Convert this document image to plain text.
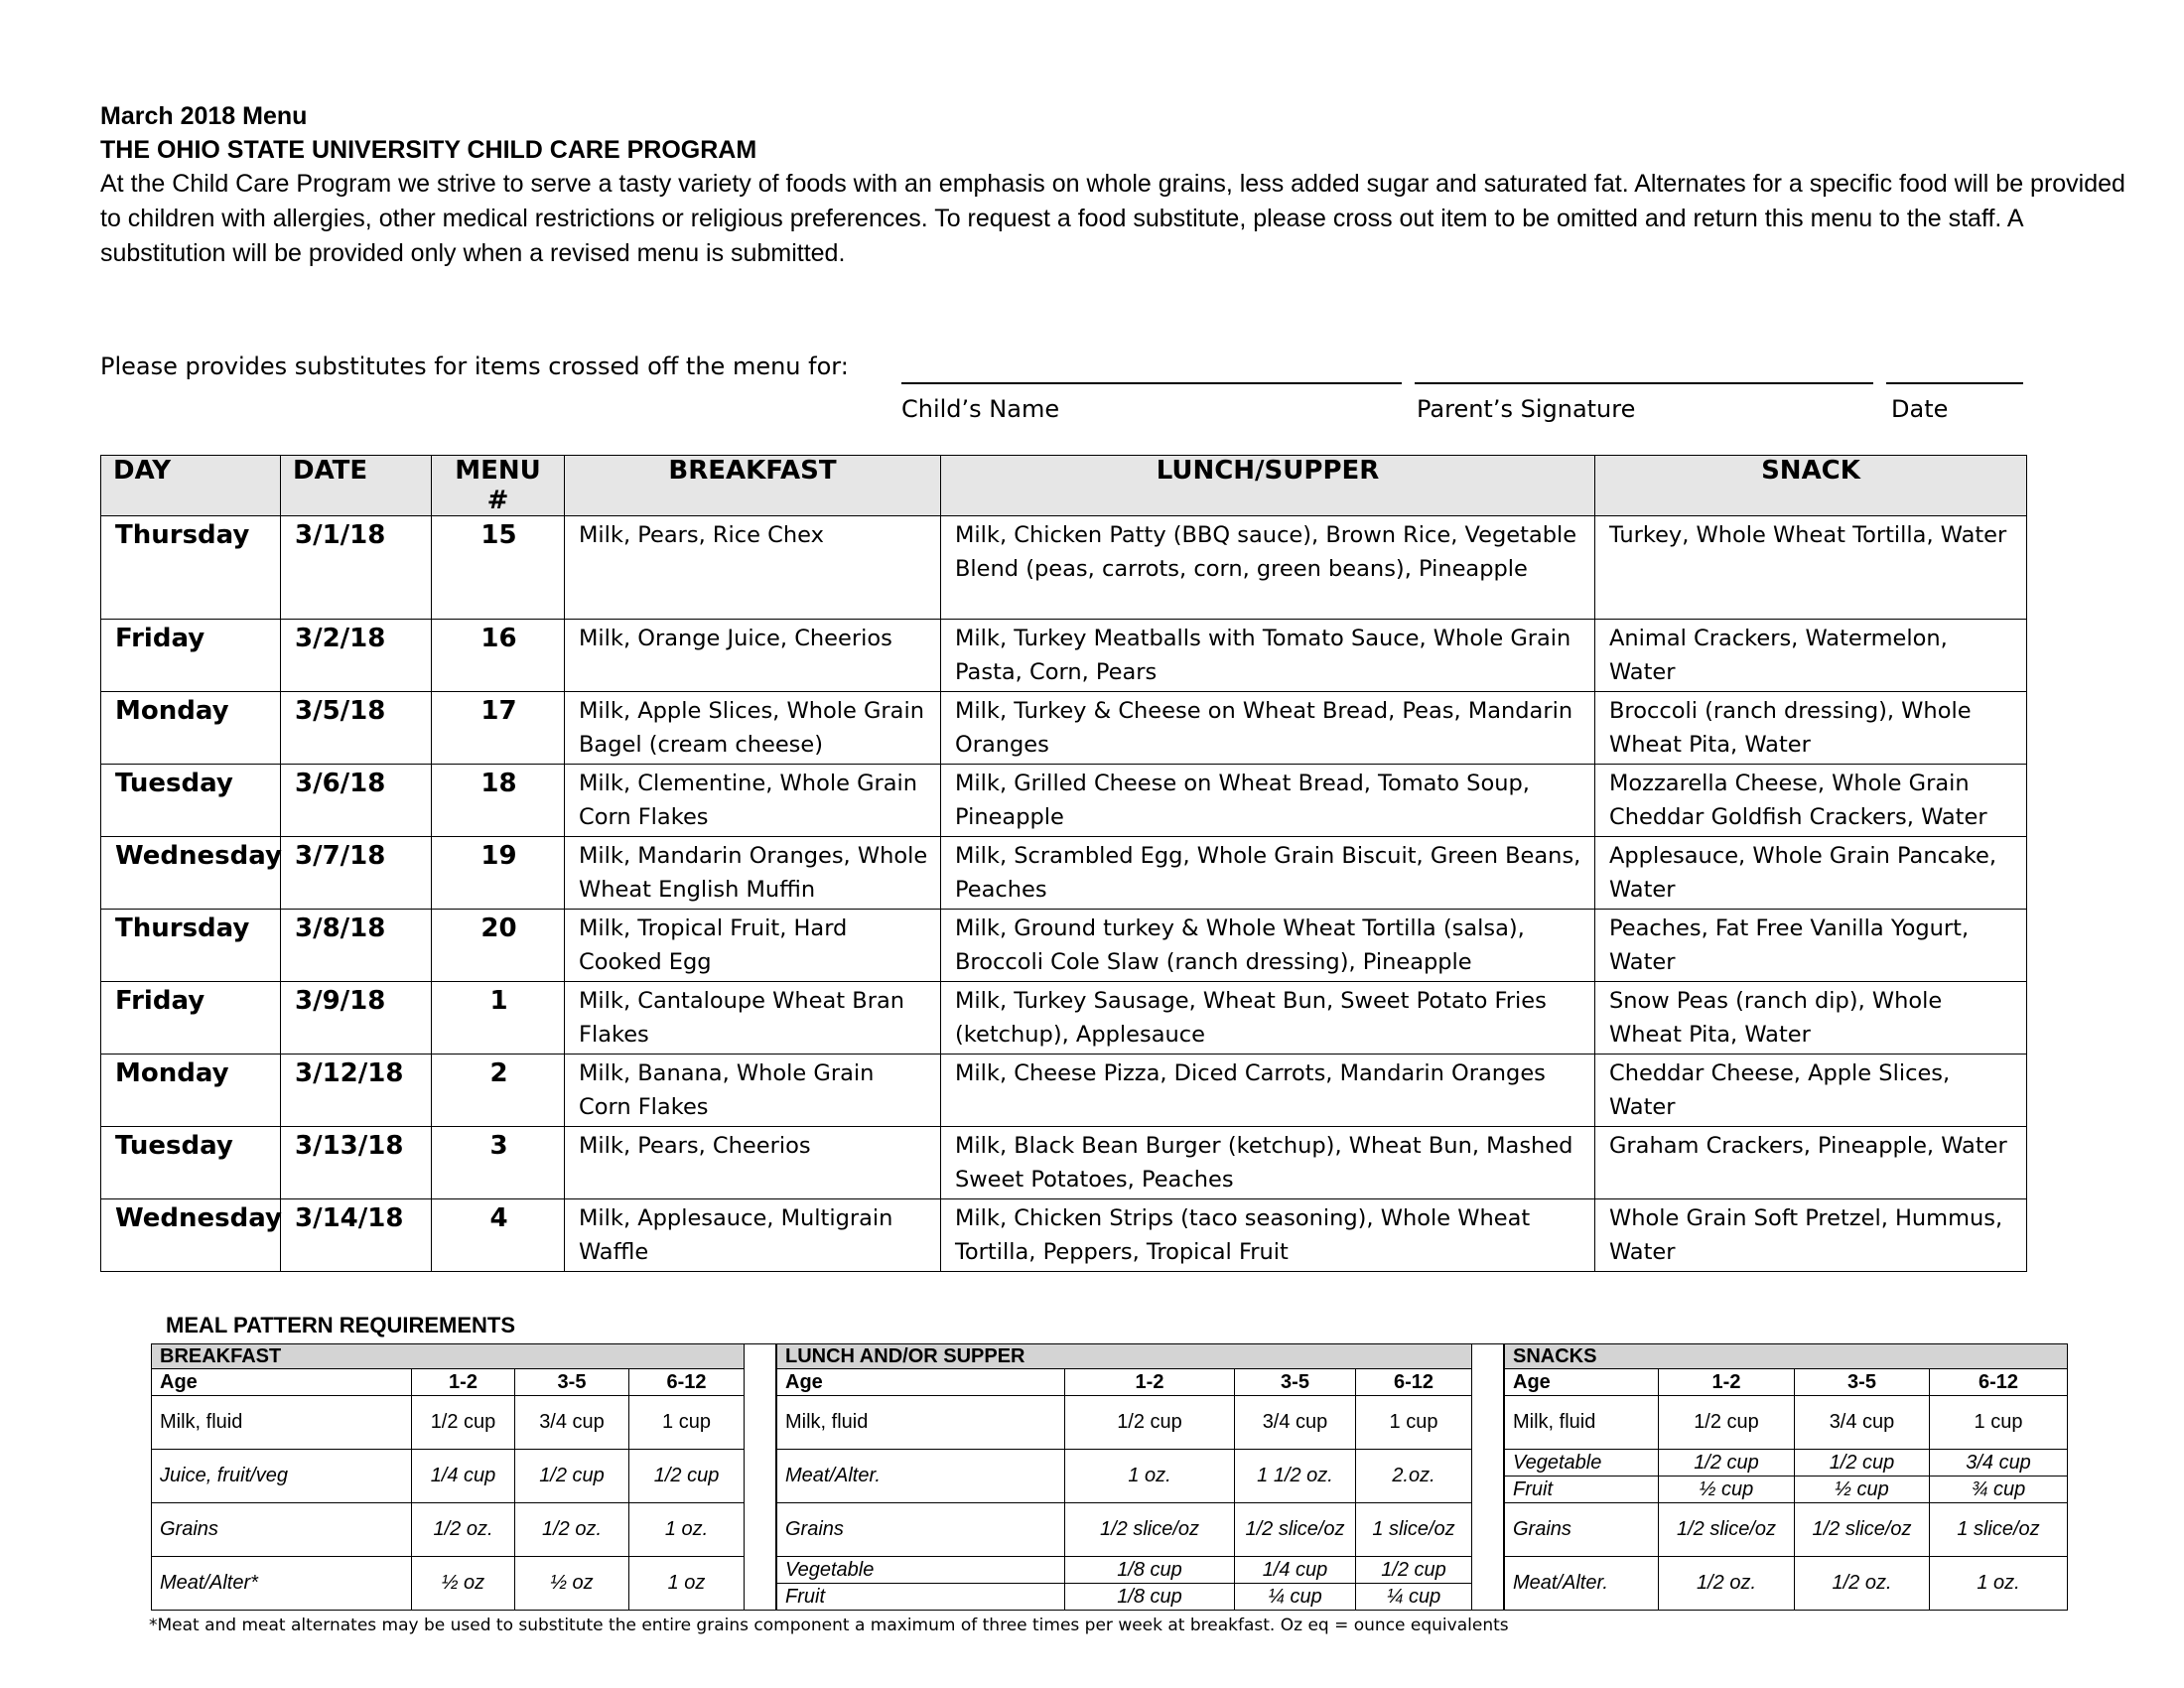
March 2018 Menu
THE OHIO STATE UNIVERSITY CHILD CARE PROGRAM
At the Child Care Program we strive to serve a tasty variety of foods with an emphasis on whole grains, less added sugar and saturated fat. Alternates for a specific food will be provided to children with allergies, other medical restrictions or religious preferences. To request a food substitute, please cross out item to be omitted and return this menu to the staff. A substitution will be provided only when a revised menu is submitted.
Please provides substitutes for items crossed off the menu for:
Child’s Name	Parent’s Signature	Date
DAY	DATE	MENU #	BREAKFAST	LUNCH/SUPPER	SNACK
Thursday	3/1/18	15	Milk, Pears, Rice Chex	Milk, Chicken Patty (BBQ sauce), Brown Rice, Vegetable Blend (peas, carrots, corn, green beans), Pineapple	Turkey, Whole Wheat Tortilla, Water
Friday	3/2/18	16	Milk, Orange Juice, Cheerios	Milk, Turkey Meatballs with Tomato Sauce, Whole Grain Pasta, Corn, Pears	Animal Crackers, Watermelon, Water
Monday	3/5/18	17	Milk, Apple Slices, Whole Grain Bagel (cream cheese)	Milk, Turkey & Cheese on Wheat Bread, Peas, Mandarin Oranges	Broccoli (ranch dressing), Whole Wheat Pita, Water
Tuesday	3/6/18	18	Milk, Clementine, Whole Grain Corn Flakes	Milk, Grilled Cheese on Wheat Bread, Tomato Soup, Pineapple	Mozzarella Cheese, Whole Grain Cheddar Goldfish Crackers, Water
Wednesday	3/7/18	19	Milk, Mandarin Oranges, Whole Wheat English Muffin	Milk, Scrambled Egg, Whole Grain Biscuit, Green Beans, Peaches	Applesauce, Whole Grain Pancake, Water
Thursday	3/8/18	20	Milk, Tropical Fruit, Hard Cooked Egg	Milk, Ground turkey & Whole Wheat Tortilla (salsa), Broccoli Cole Slaw (ranch dressing), Pineapple	Peaches, Fat Free Vanilla Yogurt, Water
Friday	3/9/18	1	Milk, Cantaloupe Wheat Bran Flakes	Milk, Turkey Sausage, Wheat Bun, Sweet Potato Fries (ketchup), Applesauce	Snow Peas (ranch dip), Whole Wheat Pita, Water
Monday	3/12/18	2	Milk, Banana, Whole Grain Corn Flakes	Milk, Cheese Pizza, Diced Carrots, Mandarin Oranges	Cheddar Cheese, Apple Slices, Water
Tuesday	3/13/18	3	Milk, Pears, Cheerios	Milk, Black Bean Burger (ketchup), Wheat Bun, Mashed Sweet Potatoes, Peaches	Graham Crackers, Pineapple, Water
Wednesday	3/14/18	4	Milk, Applesauce, Multigrain Waffle	Milk, Chicken Strips (taco seasoning), Whole Wheat Tortilla, Peppers, Tropical Fruit	Whole Grain Soft Pretzel, Hummus, Water
MEAL PATTERN REQUIREMENTS
BREAKFAST			
Age	1-2	3-5	6-12
Milk, fluid	1/2 cup	3/4 cup	1 cup
Juice, fruit/veg	1/4 cup	1/2 cup	1/2 cup
Grains	1/2 oz.	1/2 oz.	1 oz.
Meat/Alter*	½ oz	½ oz	1 oz
LUNCH AND/OR SUPPER			
Age	1-2	3-5	6-12
Milk, fluid	1/2 cup	3/4 cup	1 cup
Meat/Alter.	1 oz.	1 1/2 oz.	2.oz.
Grains	1/2 slice/oz	1/2 slice/oz	1 slice/oz
Vegetable	1/8 cup	1/4 cup	1/2 cup
Fruit	1/8 cup	¼ cup	¼ cup
SNACKS			
Age	1-2	3-5	6-12
Milk, fluid	1/2 cup	3/4 cup	1 cup
Vegetable	1/2 cup	1/2 cup	3/4 cup
Fruit	½ cup	½ cup	¾ cup
Grains	1/2 slice/oz	1/2 slice/oz	1 slice/oz
Meat/Alter.	1/2 oz.	1/2 oz.	1 oz.
*Meat and meat alternates may be used to substitute the entire grains component a maximum of three times per week at breakfast. Oz eq = ounce equivalents
